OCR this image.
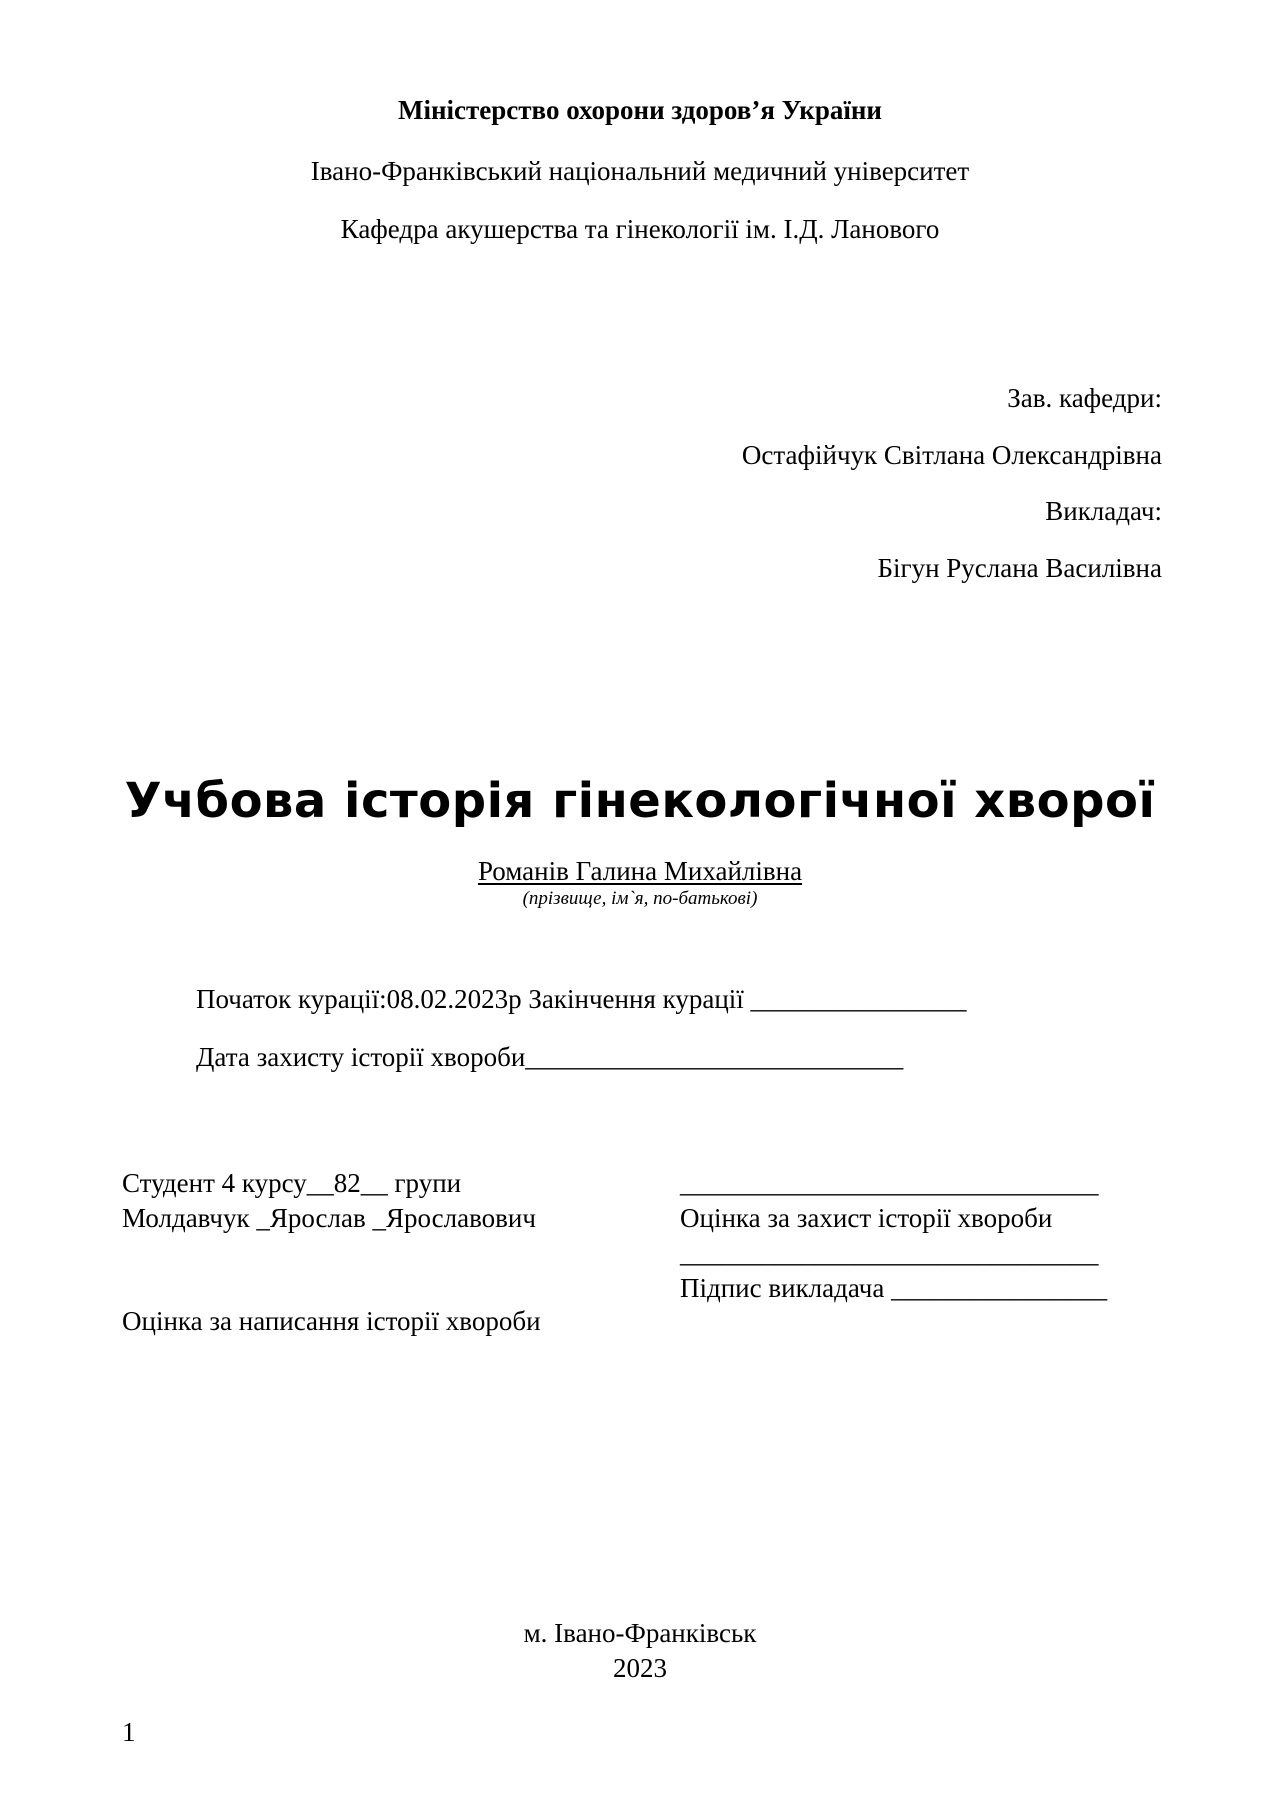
Міністерство охорони здоров’я України
Івано-Франківський національний медичний університет
Кафедра акушерства та гінекології ім. І.Д. Ланового
Зав. кафедри:
Остафійчук Світлана Олександрівна
Викладач:
Бігун Руслана Василівна
Учбова історія гінекологічної хворої
Романів Галина Михайлівна
(прізвище, ім`я, по-батькові)
Початок курації:08.02.2023р Закінчення курації ________________
Дата захисту історії хвороби____________________________
Студент 4 курсу__82__ групи
Молдавчук _Ярослав _Ярославович
Оцінка за написання історії хвороби
_______________________________
Оцінка за захист історії хвороби
_______________________________
Підпис викладача ________________
м. Івано-Франківськ
2023
1
